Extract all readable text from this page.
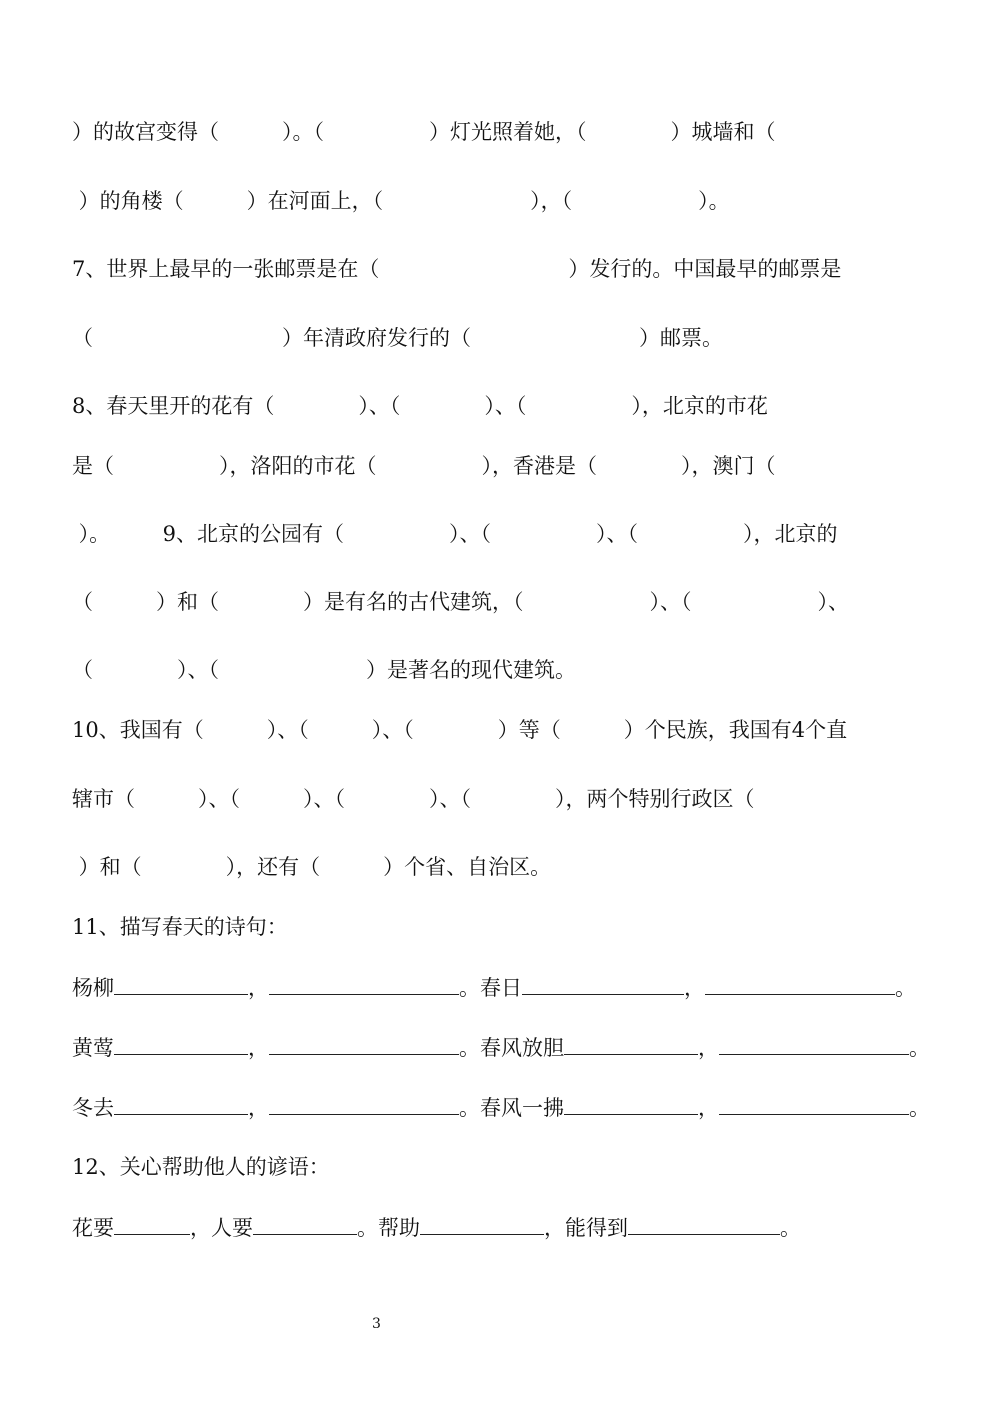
）的故宫变得（　　　）。（　　　　　）灯光照着她，（　　　　）城墙和（
）的角楼（　　　）在河面上，（　　　　　　　），（　　　　　　）。
7、世界上最早的一张邮票是在（　　　　　　　　　）发行的。中国最早的邮票是
（　　　　　　　　　）年清政府发行的（　　　　　　　　）邮票。
8、春天里开的花有（　　　　）、（　　　　）、（　　　　　），北京的市花
是（　　　　　），洛阳的市花（　　　　　），香港是（　　　　），澳门（
）。　　　9、北京的公园有（　　　　　）、（　　　　　）、（　　　　　），北京的
（　　　）和（　　　　）是有名的古代建筑，（　　　　　　）、（　　　　　　）、
（　　　　）、（　　　　　　　）是著名的现代建筑。
10、我国有（　　　）、（　　　）、（　　　　）等（　　　）个民族，我国有4个直
辖市（　　　）、（　　　）、（　　　　）、（　　　　），两个特别行政区（
）和（　　　　），还有（　　　）个省、自治区。
11、描写春天的诗句：
杨柳	，	。春日	，	。
黄莺	，	。春风放胆	，	。
冬去	，	。春风一拂	，	。
12、关心帮助他人的谚语：
花要	，人要	。帮助	，能得到	。
3
